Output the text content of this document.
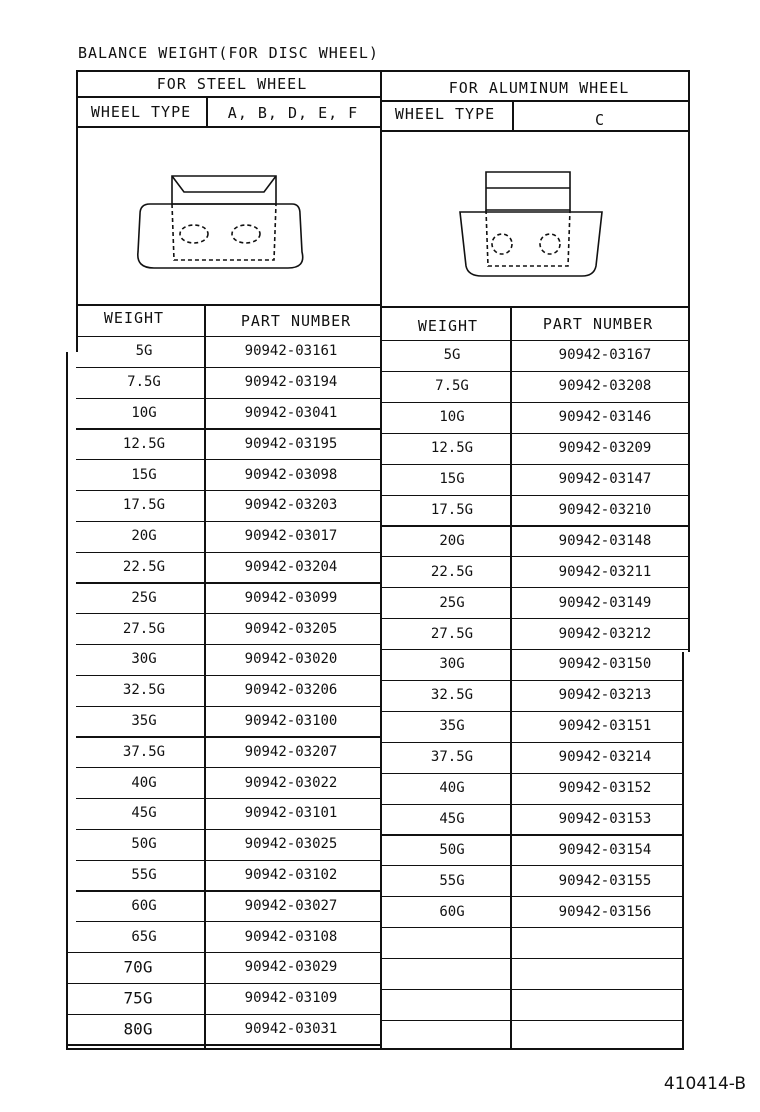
BALANCE WEIGHT(FOR DISC WHEEL)
FOR STEEL WHEEL
WHEEL TYPE A, B, D, E, F
FOR ALUMINUM WHEEL
WHEEL TYPE	C
WEIGHT	PART NUMBER	WEIGHT	PART NUMBER
5G	90942-03161
7.5G	90942-03194
10G	90942-03041
12.5G	90942-03195
15G	90942-03098
17.5G	90942-03203
20G	90942-03017
22.5G	90942-03204
25G	90942-03099
27.5G	90942-03205
30G	90942-03020
32.5G	90942-03206
35G	90942-03100
37.5G	90942-03207
40G	90942-03022
45G	90942-03101
50G	90942-03025
55G	90942-03102
60G	90942-03027
65G	90942-03108
70G	90942-03029
75G	90942-03109
80G	90942-03031
5G	90942-03167
7.5G	90942-03208
10G	90942-03146
12.5G	90942-03209
15G	90942-03147
17.5G	90942-03210
20G	90942-03148
22.5G	90942-03211
25G	90942-03149
27.5G	90942-03212
30G	90942-03150
32.5G	90942-03213
35G	90942-03151
37.5G	90942-03214
40G	90942-03152
45G	90942-03153
50G	90942-03154
55G	90942-03155
60G	90942-03156
410414-B
